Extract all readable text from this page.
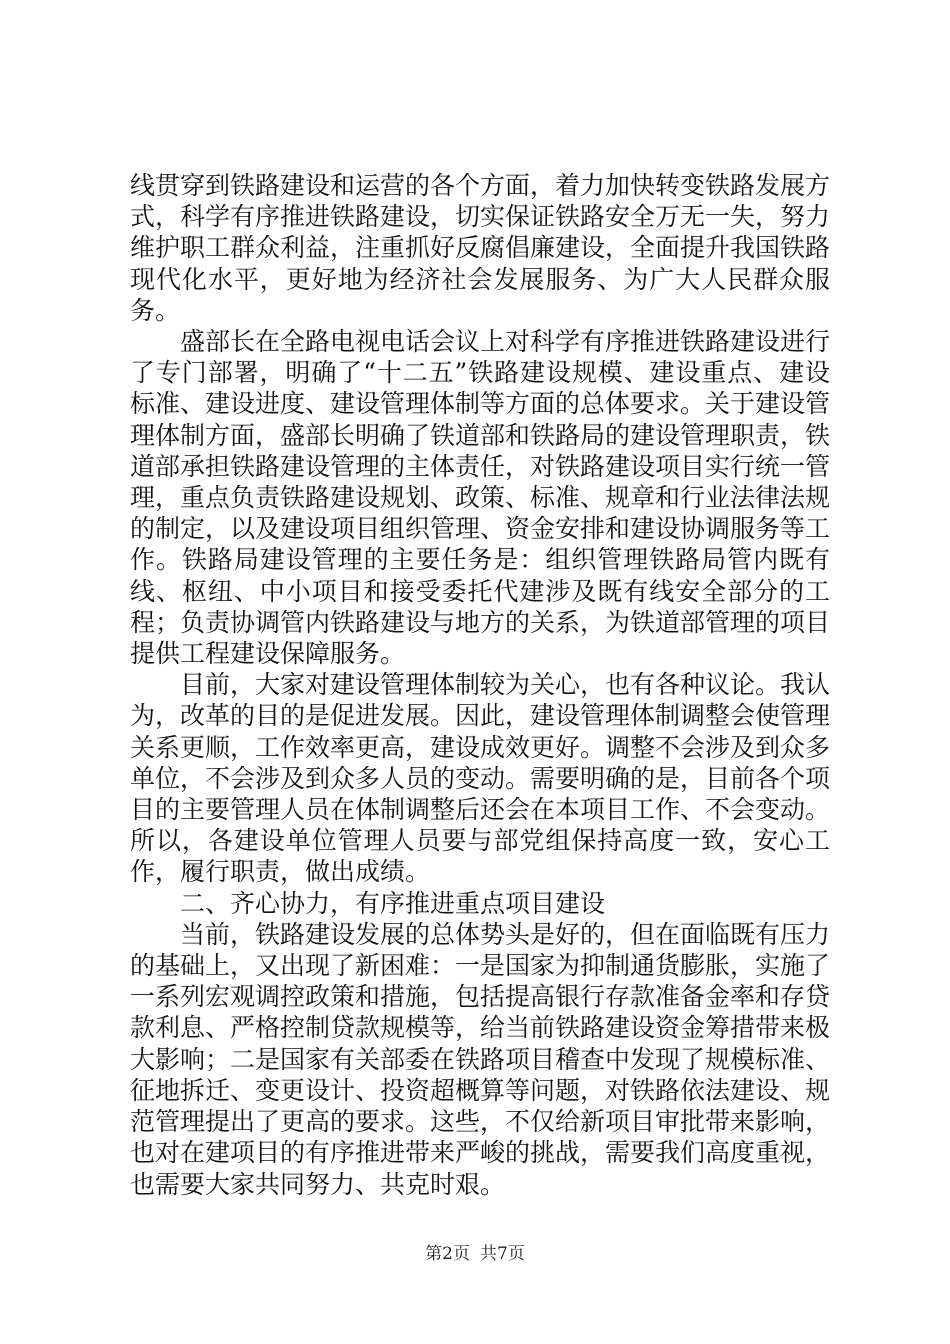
线贯穿到铁路建设和运营的各个方面，着力加快转变铁路发展方式，科学有序推进铁路建设，切实保证铁路安全万无一失，努力维护职工群众利益，注重抓好反腐倡廉建设，全面提升我国铁路现代化水平，更好地为经济社会发展服务、为广大人民群众服务。

盛部长在全路电视电话会议上对科学有序推进铁路建设进行了专门部署，明确了“十二五”铁路建设规模、建设重点、建设标准、建设进度、建设管理体制等方面的总体要求。关于建设管理体制方面，盛部长明确了铁道部和铁路局的建设管理职责，铁道部承担铁路建设管理的主体责任，对铁路建设项目实行统一管理，重点负责铁路建设规划、政策、标准、规章和行业法律法规的制定，以及建设项目组织管理、资金安排和建设协调服务等工作。铁路局建设管理的主要任务是：组织管理铁路局管内既有线、枢纽、中小项目和接受委托代建涉及既有线安全部分的工程；负责协调管内铁路建设与地方的关系，为铁道部管理的项目提供工程建设保障服务。

目前，大家对建设管理体制较为关心，也有各种议论。我认为，改革的目的是促进发展。因此，建设管理体制调整会使管理关系更顺，工作效率更高，建设成效更好。调整不会涉及到众多单位，不会涉及到众多人员的变动。需要明确的是，目前各个项目的主要管理人员在体制调整后还会在本项目工作、不会变动。所以，各建设单位管理人员要与部党组保持高度一致，安心工作，履行职责，做出成绩。

二、齐心协力，有序推进重点项目建设

当前，铁路建设发展的总体势头是好的，但在面临既有压力的基础上，又出现了新困难：一是国家为抑制通货膨胀，实施了一系列宏观调控政策和措施，包括提高银行存款准备金率和存贷款利息、严格控制贷款规模等，给当前铁路建设资金筹措带来极大影响；二是国家有关部委在铁路项目稽查中发现了规模标准、征地拆迁、变更设计、投资超概算等问题，对铁路依法建设、规范管理提出了更高的要求。这些，不仅给新项目审批带来影响，也对在建项目的有序推进带来严峻的挑战，需要我们高度重视，也需要大家共同努力、共克时艰。

第2页 共7页
